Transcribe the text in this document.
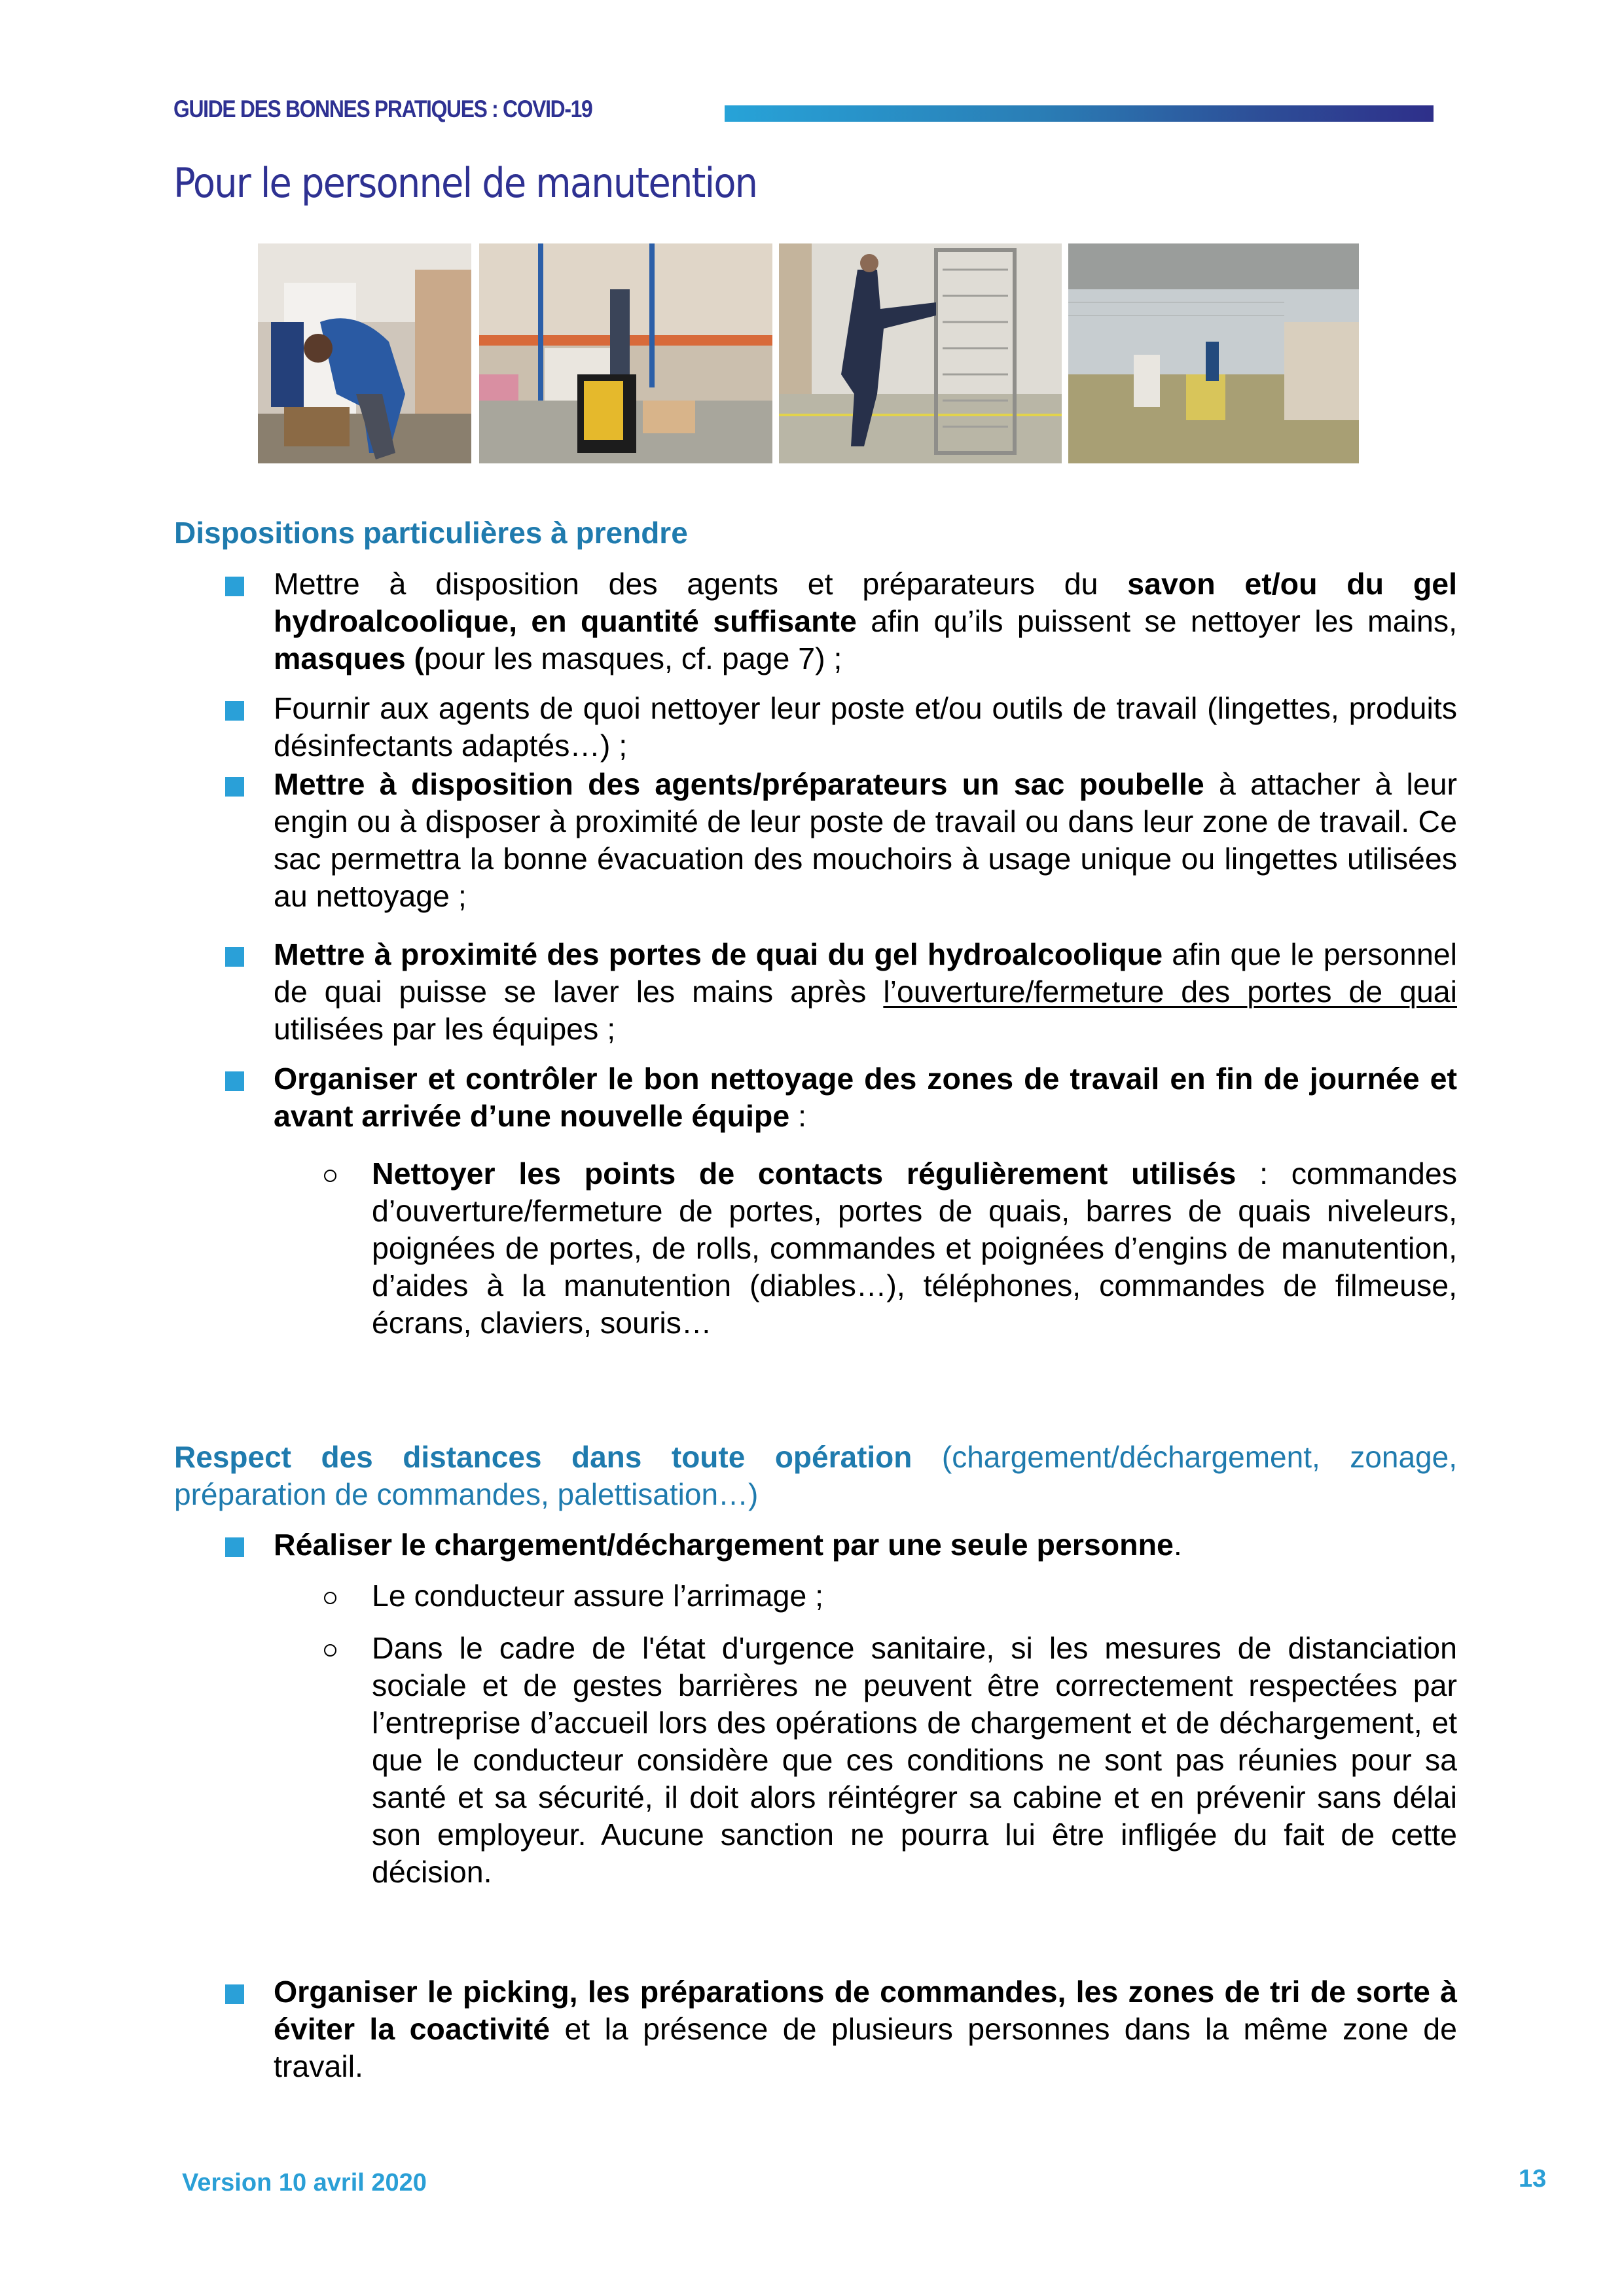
GUIDE DES BONNES PRATIQUES : COVID-19
Pour le personnel de manutention
Dispositions particulières à prendre
Mettre à disposition des agents et préparateurs du savon et/ou du gel hydroalcoolique, en quantité suffisante afin qu’ils puissent se nettoyer les mains, masques (pour les masques, cf. page 7) ;
Fournir aux agents de quoi nettoyer leur poste et/ou outils de travail (lingettes, produits désinfectants adaptés…) ;
Mettre à disposition des agents/préparateurs un sac poubelle à attacher à leur engin ou à disposer à proximité de leur poste de travail ou dans leur zone de travail. Ce sac permettra la bonne évacuation des mouchoirs à usage unique ou lingettes utilisées au nettoyage ;
Mettre à proximité des portes de quai du gel hydroalcoolique afin que le personnel de quai puisse se laver les mains après l’ouverture/fermeture des portes de quai utilisées par les équipes ;
Organiser et contrôler le bon nettoyage des zones de travail en fin de journée et avant arrivée d’une nouvelle équipe :
Nettoyer les points de contacts régulièrement utilisés : commandes d’ouverture/fermeture de portes, portes de quais, barres de quais niveleurs, poignées de portes, de rolls, commandes et poignées d’engins de manutention, d’aides à la manutention (diables…), téléphones, commandes de filmeuse, écrans, claviers, souris…
Respect des distances dans toute opération (chargement/déchargement, zonage, préparation de commandes, palettisation…)
Réaliser le chargement/déchargement par une seule personne.
Le conducteur assure l’arrimage ;
Dans le cadre de l'état d'urgence sanitaire, si les mesures de distanciation sociale et de gestes barrières ne peuvent être correctement respectées par l’entreprise d’accueil lors des opérations de chargement et de déchargement, et que le conducteur considère que ces conditions ne sont pas réunies pour sa santé et sa sécurité, il doit alors réintégrer sa cabine et en prévenir sans délai son employeur. Aucune sanction ne pourra lui être infligée du fait de cette décision.
Organiser le picking, les préparations de commandes, les zones de tri de sorte à éviter la coactivité et la présence de plusieurs personnes dans la même zone de travail.
Version 10 avril 2020	13
